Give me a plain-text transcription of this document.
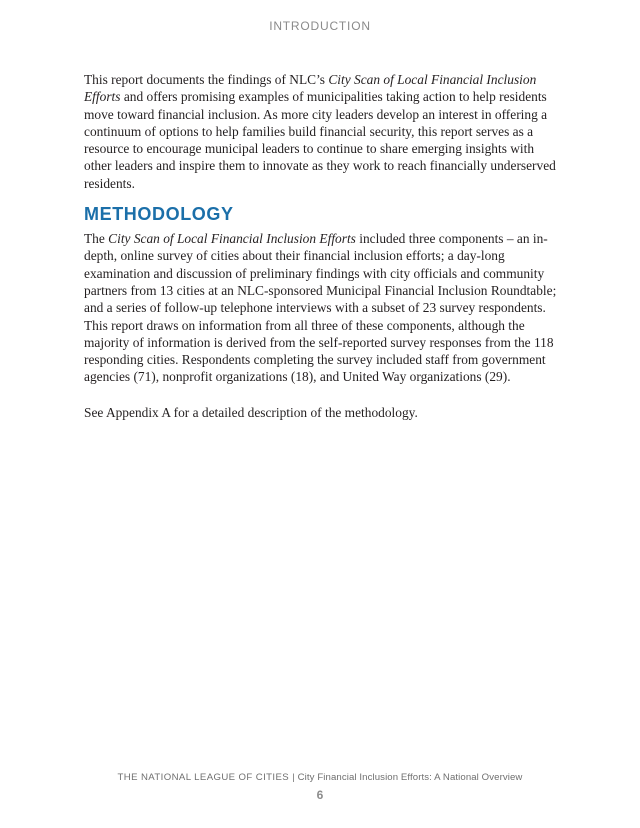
INTRODUCTION

This report documents the findings of NLC’s City Scan of Local Financial Inclusion Efforts and offers promising examples of municipalities taking action to help residents move toward financial inclusion. As more city leaders develop an interest in offering a continuum of options to help families build financial security, this report serves as a resource to encourage municipal leaders to continue to share emerging insights with other leaders and inspire them to innovate as they work to reach financially underserved residents.

METHODOLOGY

The City Scan of Local Financial Inclusion Efforts included three components – an in-depth, online survey of cities about their financial inclusion efforts; a day-long examination and discussion of preliminary findings with city officials and community partners from 13 cities at an NLC-sponsored Municipal Financial Inclusion Roundtable; and a series of follow-up telephone interviews with a subset of 23 survey respondents. This report draws on information from all three of these components, although the majority of information is derived from the self-reported survey responses from the 118 responding cities. Respondents completing the survey included staff from government agencies (71), nonprofit organizations (18), and United Way organizations (29).

See Appendix A for a detailed description of the methodology.

THE NATIONAL LEAGUE OF CITIES | City Financial Inclusion Efforts: A National Overview
6
